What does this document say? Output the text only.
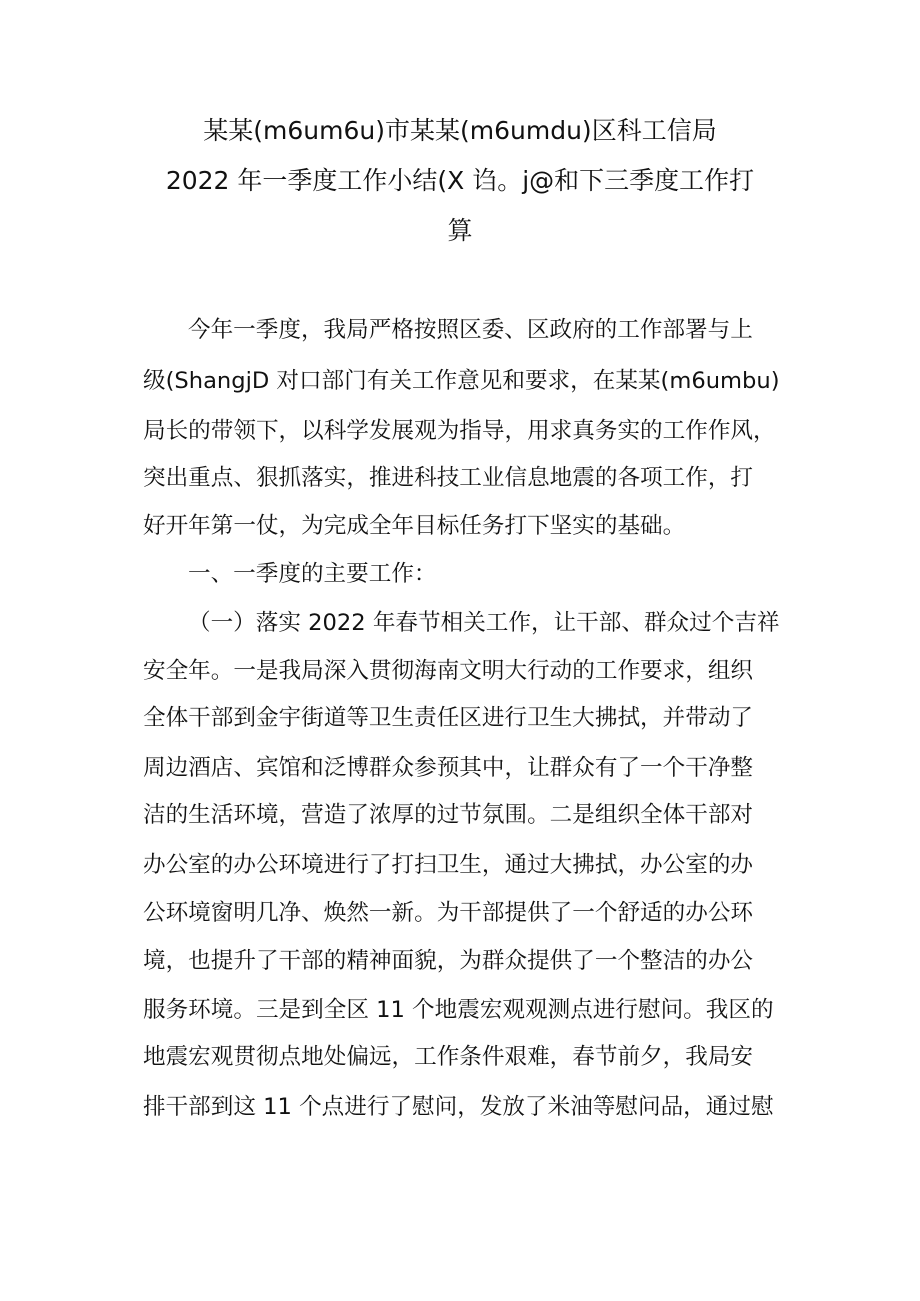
某某(m6um6u)市某某(m6umdu)区科工信局
2022 年一季度工作小结(X 诌。j@和下三季度工作打
算
今年一季度，我局严格按照区委、区政府的工作部署与上
级(ShangjD 对口部门有关工作意见和要求，在某某(m6umbu)
局长的带领下，以科学发展观为指导，用求真务实的工作作风，
突出重点、狠抓落实，推进科技工业信息地震的各项工作，打
好开年第一仗，为完成全年目标任务打下坚实的基础。
一、一季度的主要工作：
（一）落实 2022 年春节相关工作，让干部、群众过个吉祥
安全年。一是我局深入贯彻海南文明大行动的工作要求，组织
全体干部到金宇街道等卫生责任区进行卫生大拂拭，并带动了
周边酒店、宾馆和泛博群众参预其中，让群众有了一个干净整
洁的生活环境，营造了浓厚的过节氛围。二是组织全体干部对
办公室的办公环境进行了打扫卫生，通过大拂拭，办公室的办
公环境窗明几净、焕然一新。为干部提供了一个舒适的办公环
境，也提升了干部的精神面貌，为群众提供了一个整洁的办公
服务环境。三是到全区 11 个地震宏观观测点进行慰问。我区的
地震宏观贯彻点地处偏远，工作条件艰难，春节前夕，我局安
排干部到这 11 个点进行了慰问，发放了米油等慰问品，通过慰
